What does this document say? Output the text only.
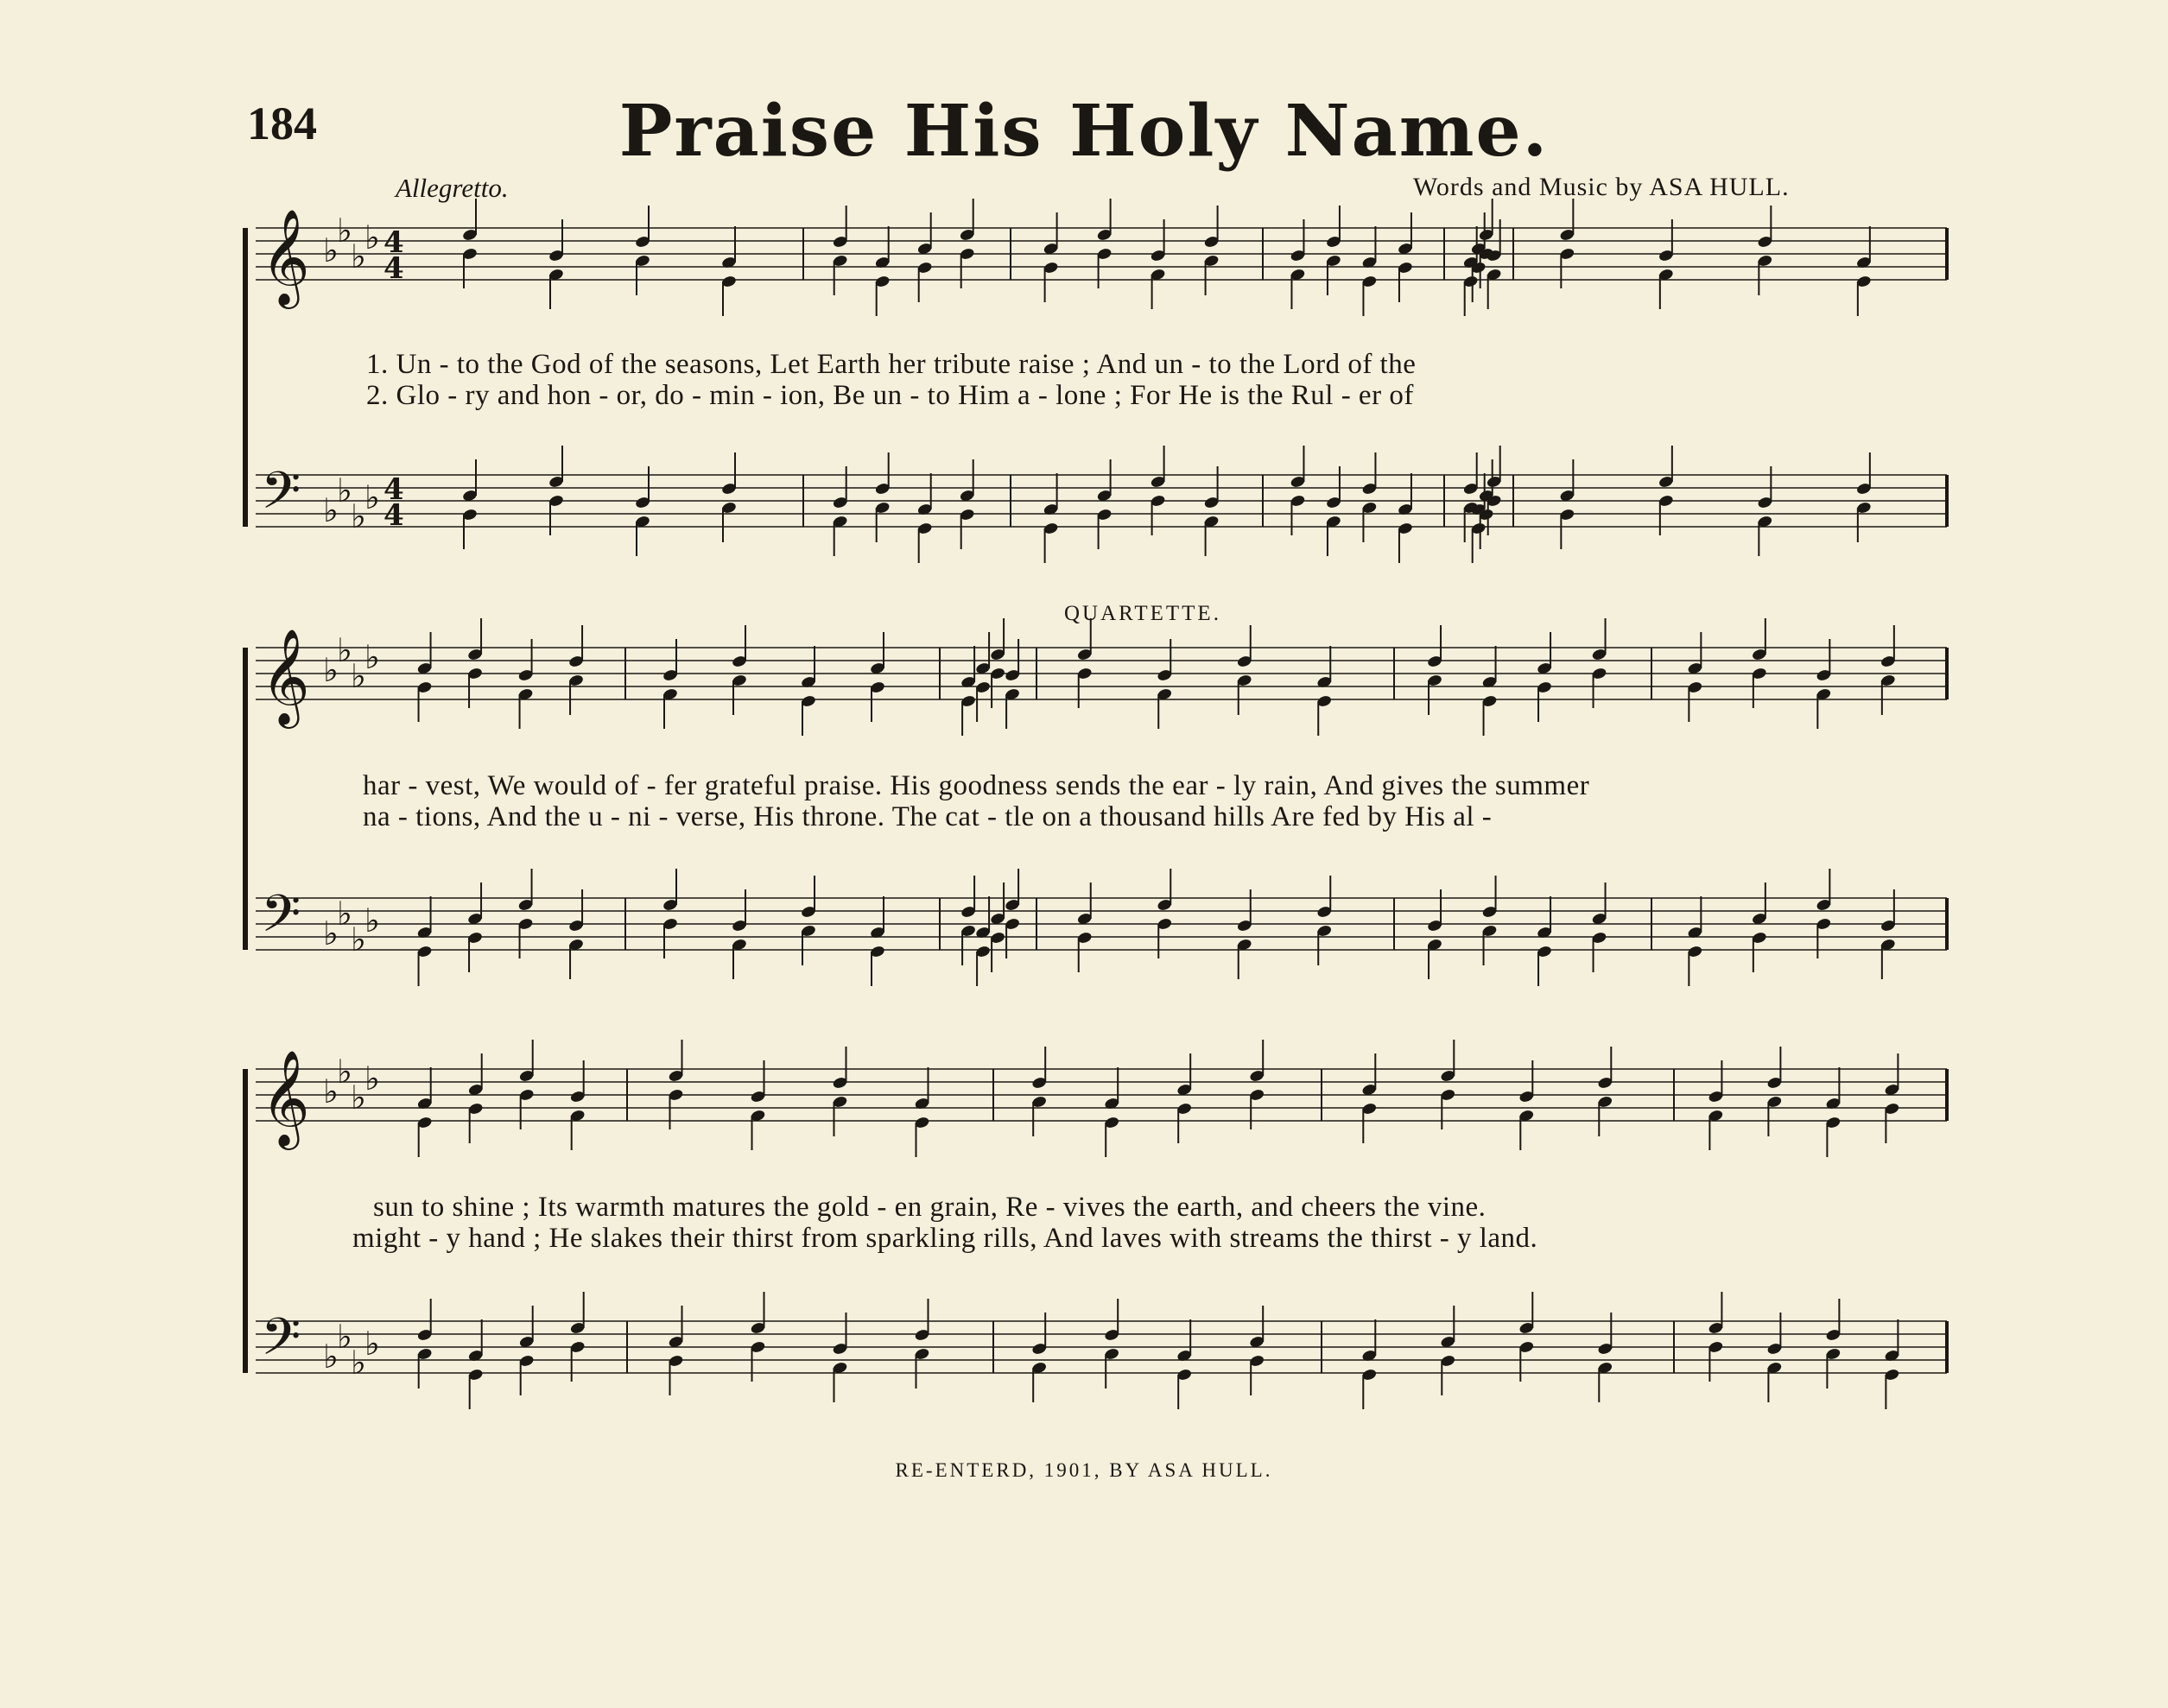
184	Praise His Holy Name.
Allegretto.	Words and Music by ASA HULL.
QUARTETTE.
𝄞 ♭
♭
♭
♭
𝄢 ♭
♭
♭
♭
4
4
4
4
𝄞 ♭
♭
♭
♭
𝄢 ♭
♭
♭
♭
𝄞 ♭
♭
♭
♭
𝄢 ♭
♭
♭
♭
1. Un - to the God of the seasons, Let Earth her tribute raise ; And un - to the Lord of the
2. Glo - ry and hon - or, do - min - ion, Be un - to Him a - lone ; For He is the Rul - er of
har - vest, We would of - fer grateful praise. His goodness sends the ear - ly rain, And gives the summer
na - tions, And the u - ni - verse, His throne. The cat - tle on a thousand hills Are fed by His al -
sun to shine ; Its warmth matures the gold - en grain, Re - vives the earth, and cheers the vine.
might - y hand ; He slakes their thirst from sparkling rills, And laves with streams the thirst - y land.
RE-ENTERD, 1901, BY ASA HULL.
